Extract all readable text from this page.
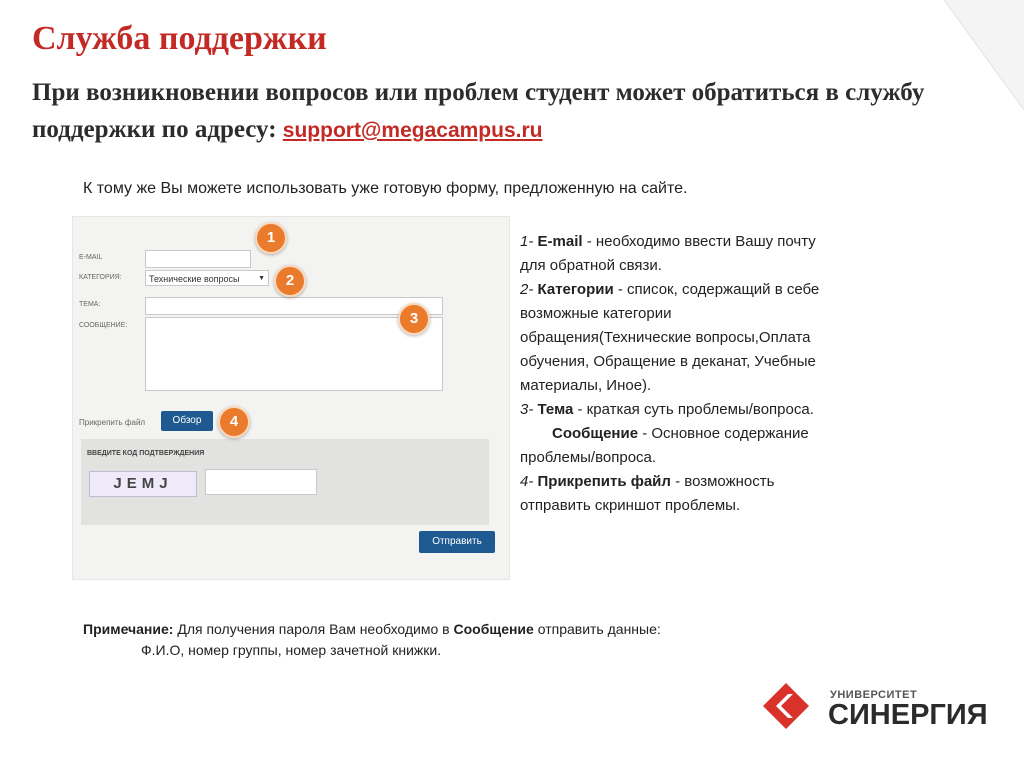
Служба поддержки
При возникновении вопросов или проблем студент может обратиться в службу поддержки по адресу: support@megacampus.ru
К тому же Вы можете использовать уже готовую форму, предложенную на сайте.
E-MAIL
КАТЕГОРИЯ:	Технические вопросы	▼
ТЕМА:
СООБЩЕНИЕ:
Прикрепить файл	Обзор
ВВЕДИТЕ КОД ПОДТВЕРЖДЕНИЯ
JEMJ
Отправить
1
2
3
4

1- E-mail - необходимо ввести Вашу почту для обратной связи.

2- Категории - список, содержащий в себе возможные категории обращения(Технические вопросы,Оплата обучения, Обращение в деканат, Учебные материалы, Иное).

3- Тема - краткая суть проблемы/вопроса.

Сообщение - Основное содержание проблемы/вопроса.

4- Прикрепить файл - возможность отправить скриншот проблемы.

Примечание: Для получения пароля Вам необходимо в Сообщение отправить данные:
Ф.И.О, номер группы, номер зачетной книжки.
УНИВЕРСИТЕТ
СИНЕРГИЯ
